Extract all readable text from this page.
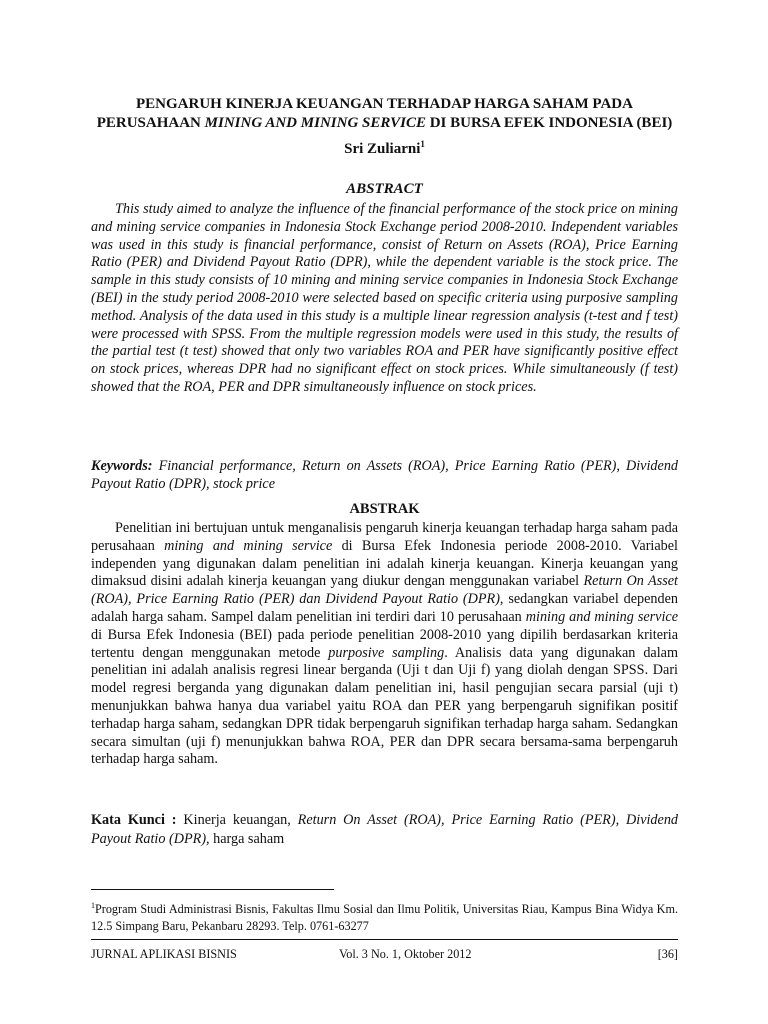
PENGARUH KINERJA KEUANGAN TERHADAP HARGA SAHAM PADA
PERUSAHAAN MINING AND MINING SERVICE DI BURSA EFEK INDONESIA (BEI)
Sri Zuliarni$^1$
ABSTRACT

This study aimed to analyze the influence of the financial performance of the stock price on mining and mining service companies in Indonesia Stock Exchange period 2008-2010. Independent variables was used in this study is financial performance, consist of Return on Assets (ROA), Price Earning Ratio (PER) and Dividend Payout Ratio (DPR), while the dependent variable is the stock price. The sample in this study consists of 10 mining and mining service companies in Indonesia Stock Exchange (BEI) in the study period 2008-2010 were selected based on specific criteria using purposive sampling method. Analysis of the data used in this study is a multiple linear regression analysis (t-test and f test) were processed with SPSS. From the multiple regression models were used in this study, the results of the partial test (t test) showed that only two variables ROA and PER have significantly positive effect on stock prices, whereas DPR had no significant effect on stock prices. While simultaneously (f test) showed that the ROA, PER and DPR simultaneously influence on stock prices.

Keywords: Financial performance, Return on Assets (ROA), Price Earning Ratio (PER), Dividend Payout Ratio (DPR), stock price
ABSTRAK

Penelitian ini bertujuan untuk menganalisis pengaruh kinerja keuangan terhadap harga saham pada perusahaan mining and mining service di Bursa Efek Indonesia periode 2008-2010. Variabel independen yang digunakan dalam penelitian ini adalah kinerja keuangan. Kinerja keuangan yang dimaksud disini adalah kinerja keuangan yang diukur dengan menggunakan variabel Return On Asset (ROA), Price Earning Ratio (PER) dan Dividend Payout Ratio (DPR), sedangkan variabel dependen adalah harga saham. Sampel dalam penelitian ini terdiri dari 10 perusahaan mining and mining service di Bursa Efek Indonesia (BEI) pada periode penelitian 2008-2010 yang dipilih berdasarkan kriteria tertentu dengan menggunakan metode purposive sampling. Analisis data yang digunakan dalam penelitian ini adalah analisis regresi linear berganda (Uji t dan Uji f) yang diolah dengan SPSS. Dari model regresi berganda yang digunakan dalam penelitian ini, hasil pengujian secara parsial (uji t) menunjukkan bahwa hanya dua variabel yaitu ROA dan PER yang berpengaruh signifikan positif terhadap harga saham, sedangkan DPR tidak berpengaruh signifikan terhadap harga saham. Sedangkan secara simultan (uji f) menunjukkan bahwa ROA, PER dan DPR secara bersama-sama berpengaruh terhadap harga saham.

Kata Kunci : Kinerja keuangan, Return On Asset (ROA), Price Earning Ratio (PER), Dividend Payout Ratio (DPR), harga saham
$^1$Program Studi Administrasi Bisnis, Fakultas Ilmu Sosial dan Ilmu Politik, Universitas Riau, Kampus Bina Widya Km. 12.5 Simpang Baru, Pekanbaru 28293. Telp. 0761-63277
JURNAL APLIKASI BISNIS	Vol. 3 No. 1, Oktober 2012	[36]
